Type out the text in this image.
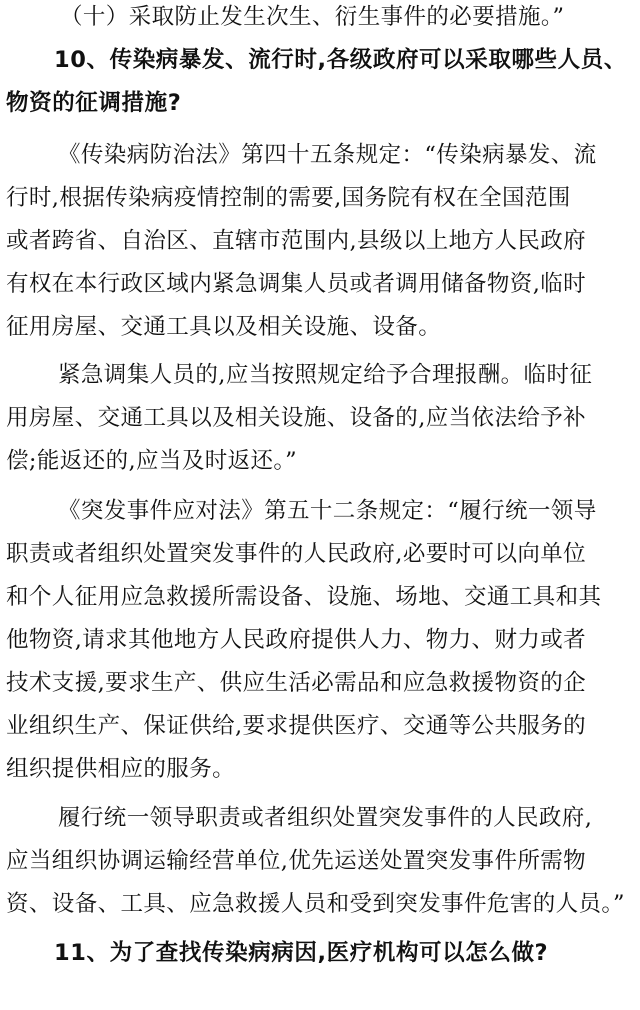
（十）采取防止发生次生、衍生事件的必要措施。”
10、传染病暴发、流行时,各级政府可以采取哪些人员、
物资的征调措施?
《传染病防治法》第四十五条规定：“传染病暴发、流
行时,根据传染病疫情控制的需要,国务院有权在全国范围
或者跨省、自治区、直辖市范围内,县级以上地方人民政府
有权在本行政区域内紧急调集人员或者调用储备物资,临时
征用房屋、交通工具以及相关设施、设备。
紧急调集人员的,应当按照规定给予合理报酬。临时征
用房屋、交通工具以及相关设施、设备的,应当依法给予补
偿;能返还的,应当及时返还。”
《突发事件应对法》第五十二条规定：“履行统一领导
职责或者组织处置突发事件的人民政府,必要时可以向单位
和个人征用应急救援所需设备、设施、场地、交通工具和其
他物资,请求其他地方人民政府提供人力、物力、财力或者
技术支援,要求生产、供应生活必需品和应急救援物资的企
业组织生产、保证供给,要求提供医疗、交通等公共服务的
组织提供相应的服务。
履行统一领导职责或者组织处置突发事件的人民政府,
应当组织协调运输经营单位,优先运送处置突发事件所需物
资、设备、工具、应急救援人员和受到突发事件危害的人员。”
11、为了查找传染病病因,医疗机构可以怎么做?
